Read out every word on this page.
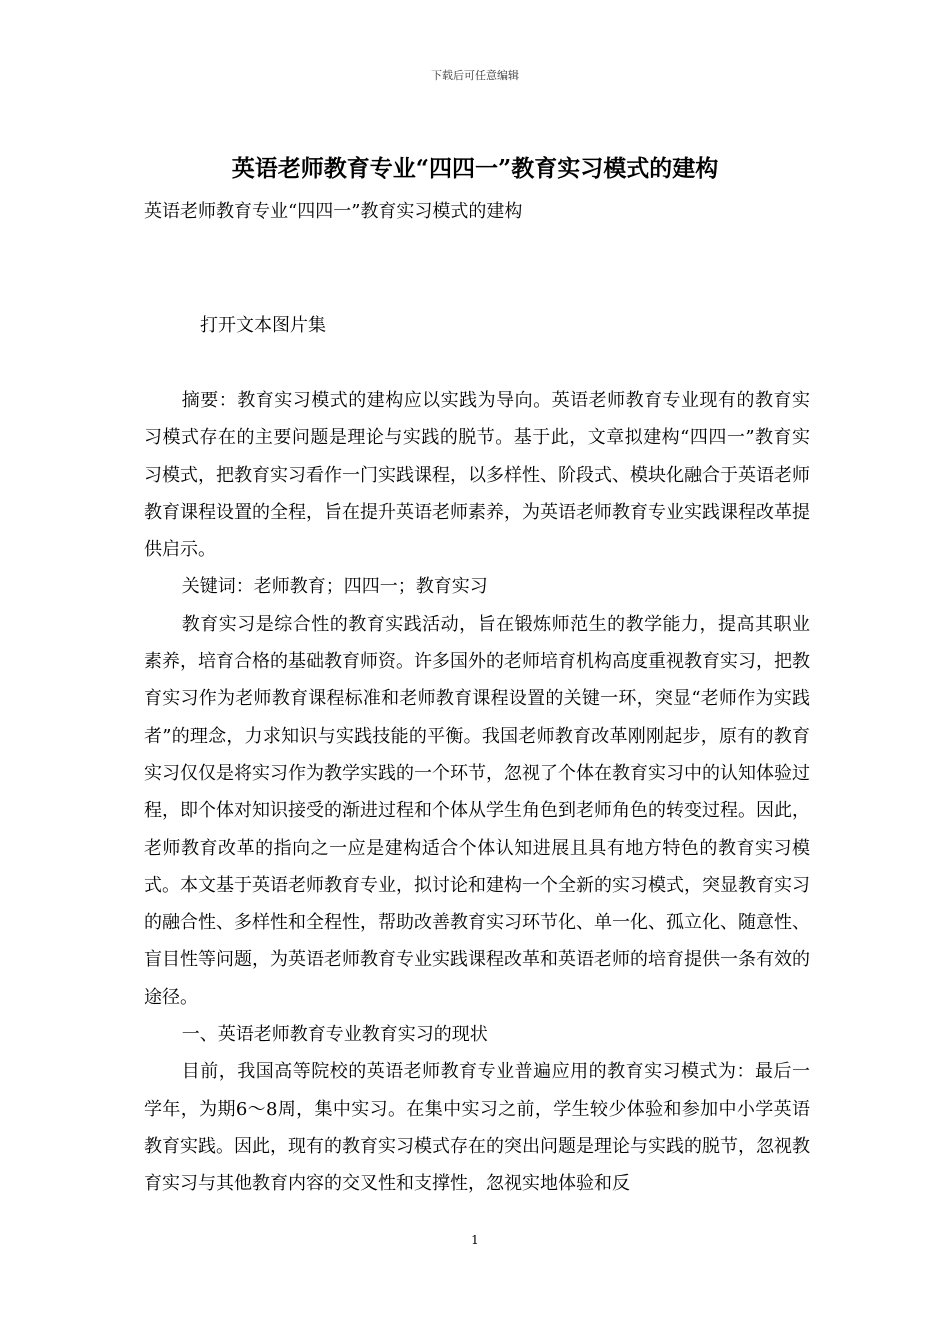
下载后可任意编辑
英语老师教育专业“四四一”教育实习模式的建构

英语老师教育专业“四四一”教育实习模式的建构

打开文本图片集

摘要：教育实习模式的建构应以实践为导向。英语老师教育专业现有的教育实习模式存在的主要问题是理论与实践的脱节。基于此，文章拟建构“四四一”教育实习模式，把教育实习看作一门实践课程，以多样性、阶段式、模块化融合于英语老师教育课程设置的全程，旨在提升英语老师素养，为英语老师教育专业实践课程改革提供启示。

关键词：老师教育；四四一；教育实习

教育实习是综合性的教育实践活动，旨在锻炼师范生的教学能力，提高其职业素养，培育合格的基础教育师资。许多国外的老师培育机构高度重视教育实习，把教育实习作为老师教育课程标准和老师教育课程设置的关键一环，突显“老师作为实践者”的理念，力求知识与实践技能的平衡。我国老师教育改革刚刚起步，原有的教育实习仅仅是将实习作为教学实践的一个环节，忽视了个体在教育实习中的认知体验过程，即个体对知识接受的渐进过程和个体从学生角色到老师角色的转变过程。因此，老师教育改革的指向之一应是建构适合个体认知进展且具有地方特色的教育实习模式。本文基于英语老师教育专业，拟讨论和建构一个全新的实习模式，突显教育实习的融合性、多样性和全程性，帮助改善教育实习环节化、单一化、孤立化、随意性、盲目性等问题，为英语老师教育专业实践课程改革和英语老师的培育提供一条有效的途径。

一、英语老师教育专业教育实习的现状

目前，我国高等院校的英语老师教育专业普遍应用的教育实习模式为：最后一学年，为期6～8周，集中实习。在集中实习之前，学生较少体验和参加中小学英语教育实践。因此，现有的教育实习模式存在的突出问题是理论与实践的脱节，忽视教育实习与其他教育内容的交叉性和支撑性，忽视实地体验和反

1
